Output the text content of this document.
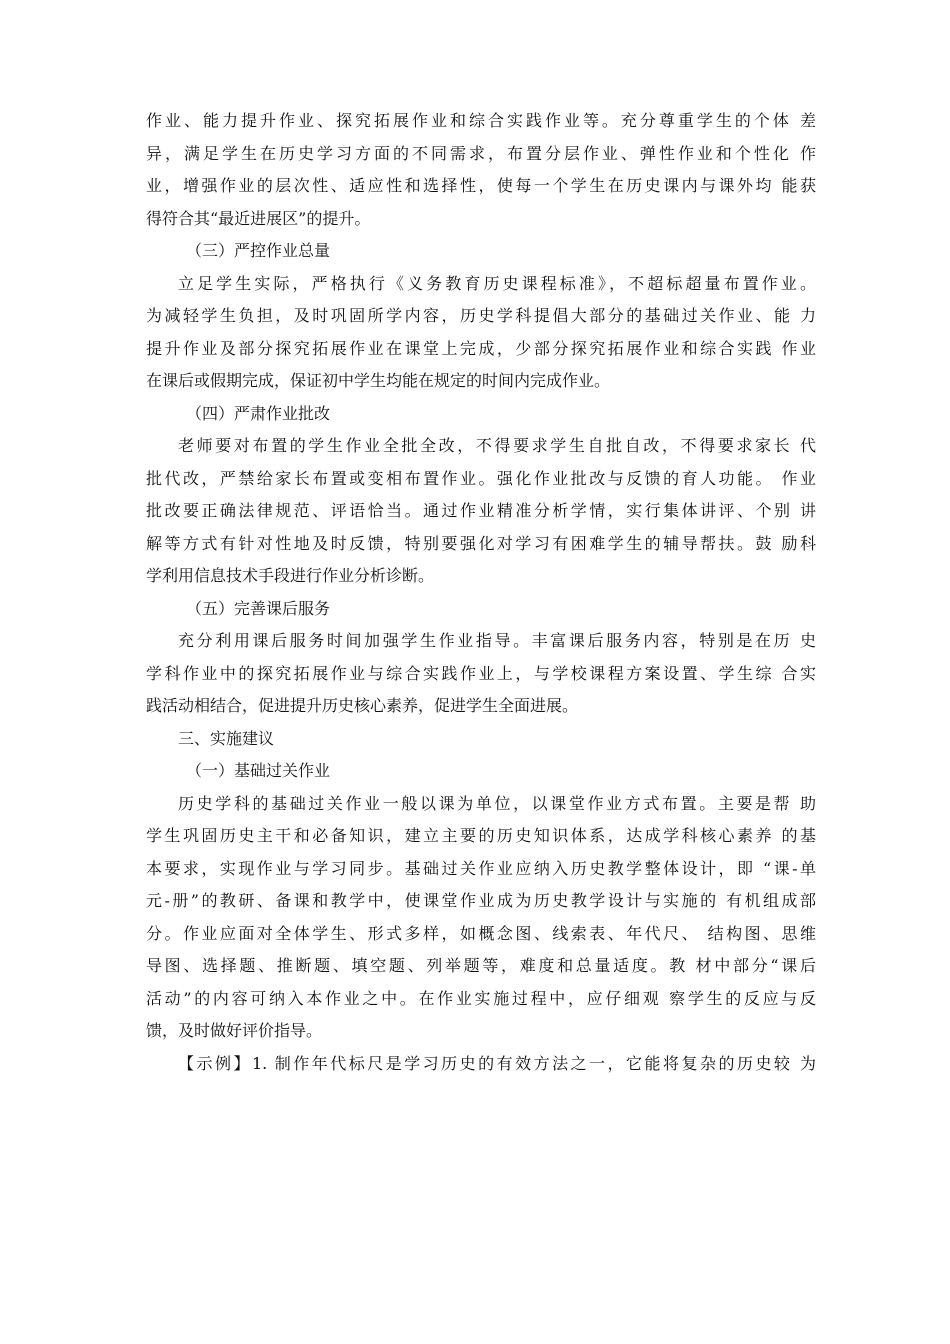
作业、能力提升作业、探究拓展作业和综合实践作业等。充分尊重学生的个体 差
异，满足学生在历史学习方面的不同需求，布置分层作业、弹性作业和个性化 作
业，增强作业的层次性、适应性和选择性，使每一个学生在历史课内与课外均 能获
得符合其“最近进展区”的提升。
（三）严控作业总量
立足学生实际，严格执行《义务教育历史课程标准》，不超标超量布置作业。
为减轻学生负担，及时巩固所学内容，历史学科提倡大部分的基础过关作业、能 力
提升作业及部分探究拓展作业在课堂上完成，少部分探究拓展作业和综合实践 作业
在课后或假期完成，保证初中学生均能在规定的时间内完成作业。
（四）严肃作业批改
老师要对布置的学生作业全批全改，不得要求学生自批自改，不得要求家长 代
批代改，严禁给家长布置或变相布置作业。强化作业批改与反馈的育人功能。 作业
批改要正确法律规范、评语恰当。通过作业精准分析学情，实行集体讲评、个别 讲
解等方式有针对性地及时反馈，特别要强化对学习有困难学生的辅导帮扶。鼓 励科
学利用信息技术手段进行作业分析诊断。
（五）完善课后服务
充分利用课后服务时间加强学生作业指导。丰富课后服务内容，特别是在历 史
学科作业中的探究拓展作业与综合实践作业上，与学校课程方案设置、学生综 合实
践活动相结合，促进提升历史核心素养，促进学生全面进展。
三、实施建议
（一）基础过关作业
历史学科的基础过关作业一般以课为单位，以课堂作业方式布置。主要是帮 助
学生巩固历史主干和必备知识，建立主要的历史知识体系，达成学科核心素养 的基
本要求，实现作业与学习同步。基础过关作业应纳入历史教学整体设计，即 “课-单
元-册”的教研、备课和教学中，使课堂作业成为历史教学设计与实施的 有机组成部
分。作业应面对全体学生、形式多样，如概念图、线索表、年代尺、 结构图、思维
导图、选择题、推断题、填空题、列举题等，难度和总量适度。教 材中部分“课后
活动”的内容可纳入本作业之中。在作业实施过程中，应仔细观 察学生的反应与反
馈，及时做好评价指导。
【示例】1. 制作年代标尺是学习历史的有效方法之一，它能将复杂的历史较 为
